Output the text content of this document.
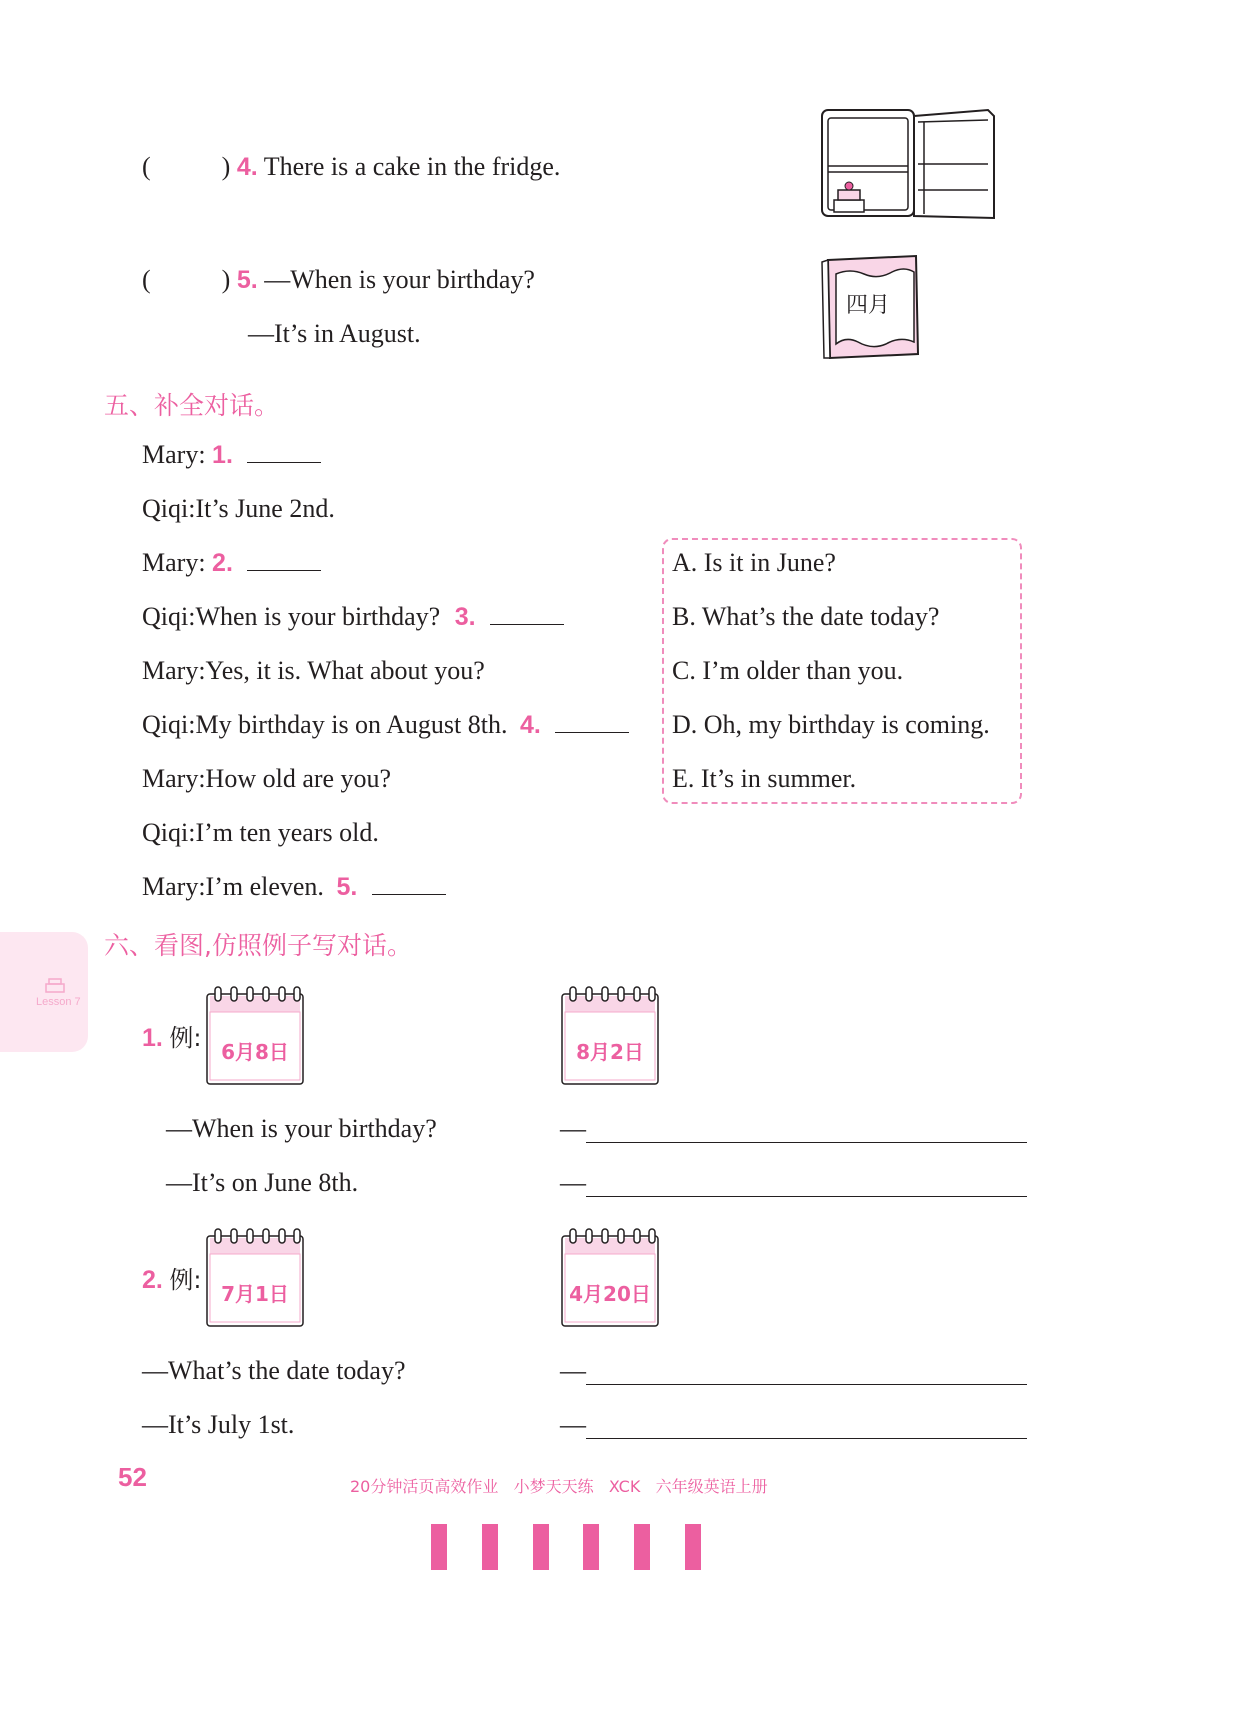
(	) 4. There is a cake in the fridge.
(	) 5. —When is your birthday?
—It’s in August.
四月
五、补全对话。
Mary: 1.
Qiqi:It’s June 2nd.
Mary: 2.
Qiqi:When is your birthday? 3.
Mary:Yes, it is. What about you?
Qiqi:My birthday is on August 8th. 4.
Mary:How old are you?
Qiqi:I’m ten years old.
Mary:I’m eleven. 5.
A. Is it in June?
B. What’s the date today?
C. I’m older than you.
D. Oh, my birthday is coming.
E. It’s in summer.
六、看图,仿照例子写对话。
Lesson 7
1. 例: 6月8日	8月2日
—When is your birthday?
—It’s on June 8th.
—
—
2. 例: 7月1日	4月20日
—What’s the date today?
—It’s July 1st.
—
—
52	20分钟活页高效作业   小梦天天练   XCK   六年级英语上册
